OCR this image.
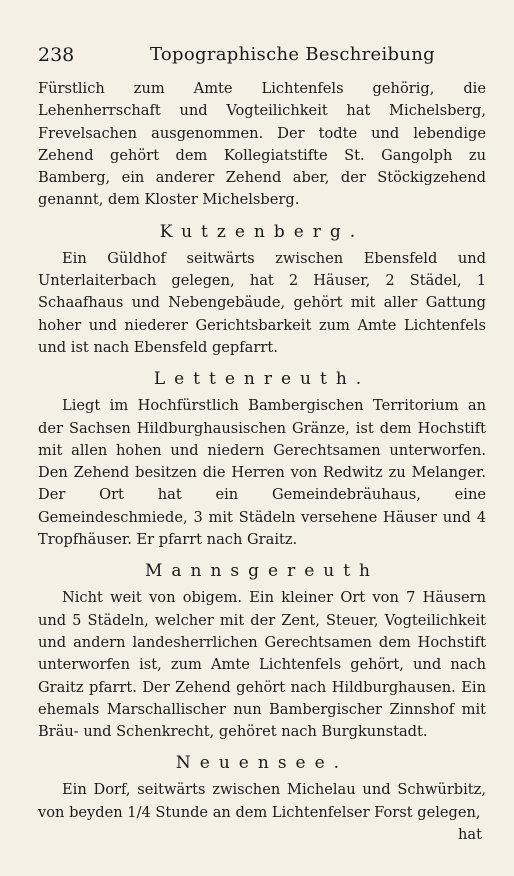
238	Topographische Beschreibung

Fürstlich zum Amte Lichtenfels gehörig, die Lehenherrschaft und Vogteilichkeit hat Michelsberg, Frevelsachen ausgenommen. Der todte und lebendige Zehend gehört dem Kollegiatstifte St. Gangolph zu Bamberg, ein anderer Zehend aber, der Stöckigzehend genannt, dem Kloster Michelsberg.

Kutzenberg.

Ein Güldhof seitwärts zwischen Ebensfeld und Unterlaiterbach gelegen, hat 2 Häuser, 2 Städel, 1 Schaafhaus und Nebengebäude, gehört mit aller Gattung hoher und niederer Gerichtsbarkeit zum Amte Lichtenfels und ist nach Ebensfeld gepfarrt.

Lettenreuth.

Liegt im Hochfürstlich Bambergischen Territorium an der Sachsen Hildburghausischen Gränze, ist dem Hochstift mit allen hohen und niedern Gerechtsamen unterworfen. Den Zehend besitzen die Herren von Redwitz zu Melanger. Der Ort hat ein Gemeindebräuhaus, eine Gemeindeschmiede, 3 mit Städeln versehene Häuser und 4 Tropfhäuser. Er pfarrt nach Graitz.

Mannsgereuth

Nicht weit von obigem. Ein kleiner Ort von 7 Häusern und 5 Städeln, welcher mit der Zent, Steuer, Vogteilichkeit und andern landesherrlichen Gerechtsamen dem Hochstift unterworfen ist, zum Amte Lichtenfels gehört, und nach Graitz pfarrt. Der Zehend gehört nach Hildburghausen. Ein ehemals Marschallischer nun Bambergischer Zinnshof mit Bräu- und Schenkrecht, gehöret nach Burgkunstadt.

Neuensee.

Ein Dorf, seitwärts zwischen Michelau und Schwürbitz, von beyden 1/4 Stunde an dem Lichtenfelser Forst gelegen,

hat
